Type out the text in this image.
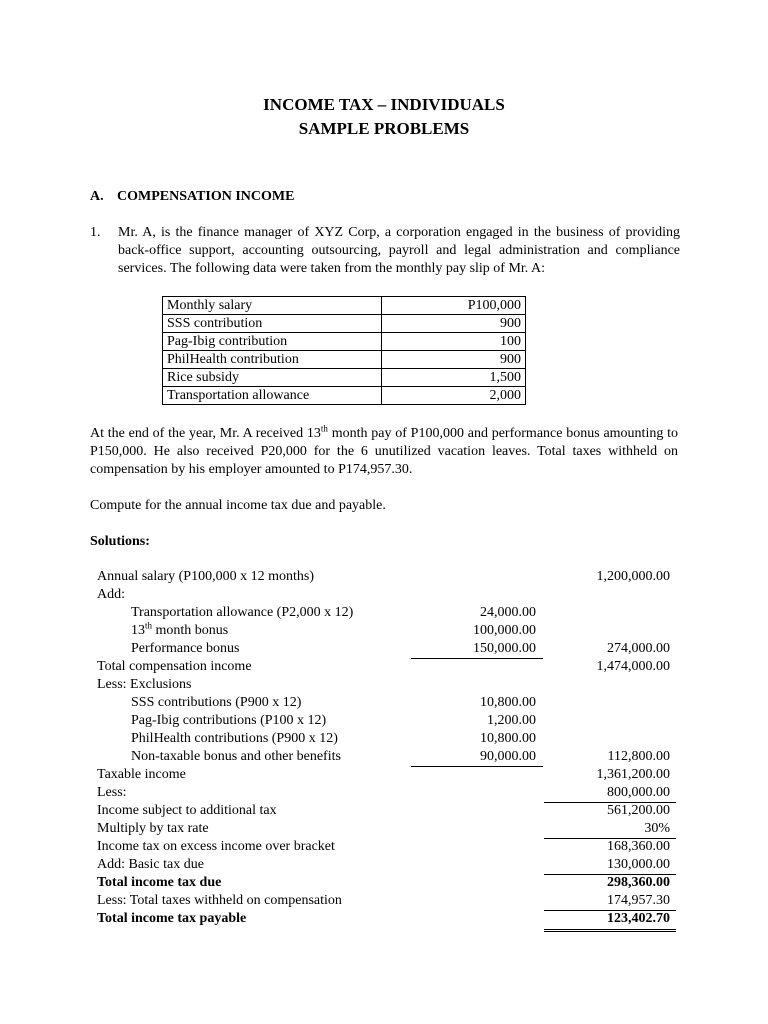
INCOME TAX – INDIVIDUALS
SAMPLE PROBLEMS
A. COMPENSATION INCOME
1. Mr. A, is the finance manager of XYZ Corp, a corporation engaged in the business of providing back-office support, accounting outsourcing, payroll and legal administration and compliance services. The following data were taken from the monthly pay slip of Mr. A:
Monthly salary	P100,000
SSS contribution	900
Pag-Ibig contribution	100
PhilHealth contribution	900
Rice subsidy	1,500
Transportation allowance	2,000
At the end of the year, Mr. A received 13th month pay of P100,000 and performance bonus amounting to P150,000. He also received P20,000 for the 6 unutilized vacation leaves. Total taxes withheld on compensation by his employer amounted to P174,957.30.
Compute for the annual income tax due and payable.
Solutions:
Annual salary (P100,000 x 12 months)	1,200,000.00
Add:
Transportation allowance (P2,000 x 12)	24,000.00
13th month bonus	100,000.00
Performance bonus	150,000.00	274,000.00
Total compensation income	1,474,000.00
Less: Exclusions
SSS contributions (P900 x 12)	10,800.00
Pag-Ibig contributions (P100 x 12)	1,200.00
PhilHealth contributions (P900 x 12)	10,800.00
Non-taxable bonus and other benefits	90,000.00	112,800.00
Taxable income	1,361,200.00
Less:	800,000.00
Income subject to additional tax	561,200.00
Multiply by tax rate	30%
Income tax on excess income over bracket	168,360.00
Add: Basic tax due	130,000.00
Total income tax due	298,360.00
Less: Total taxes withheld on compensation	174,957.30
Total income tax payable	123,402.70
